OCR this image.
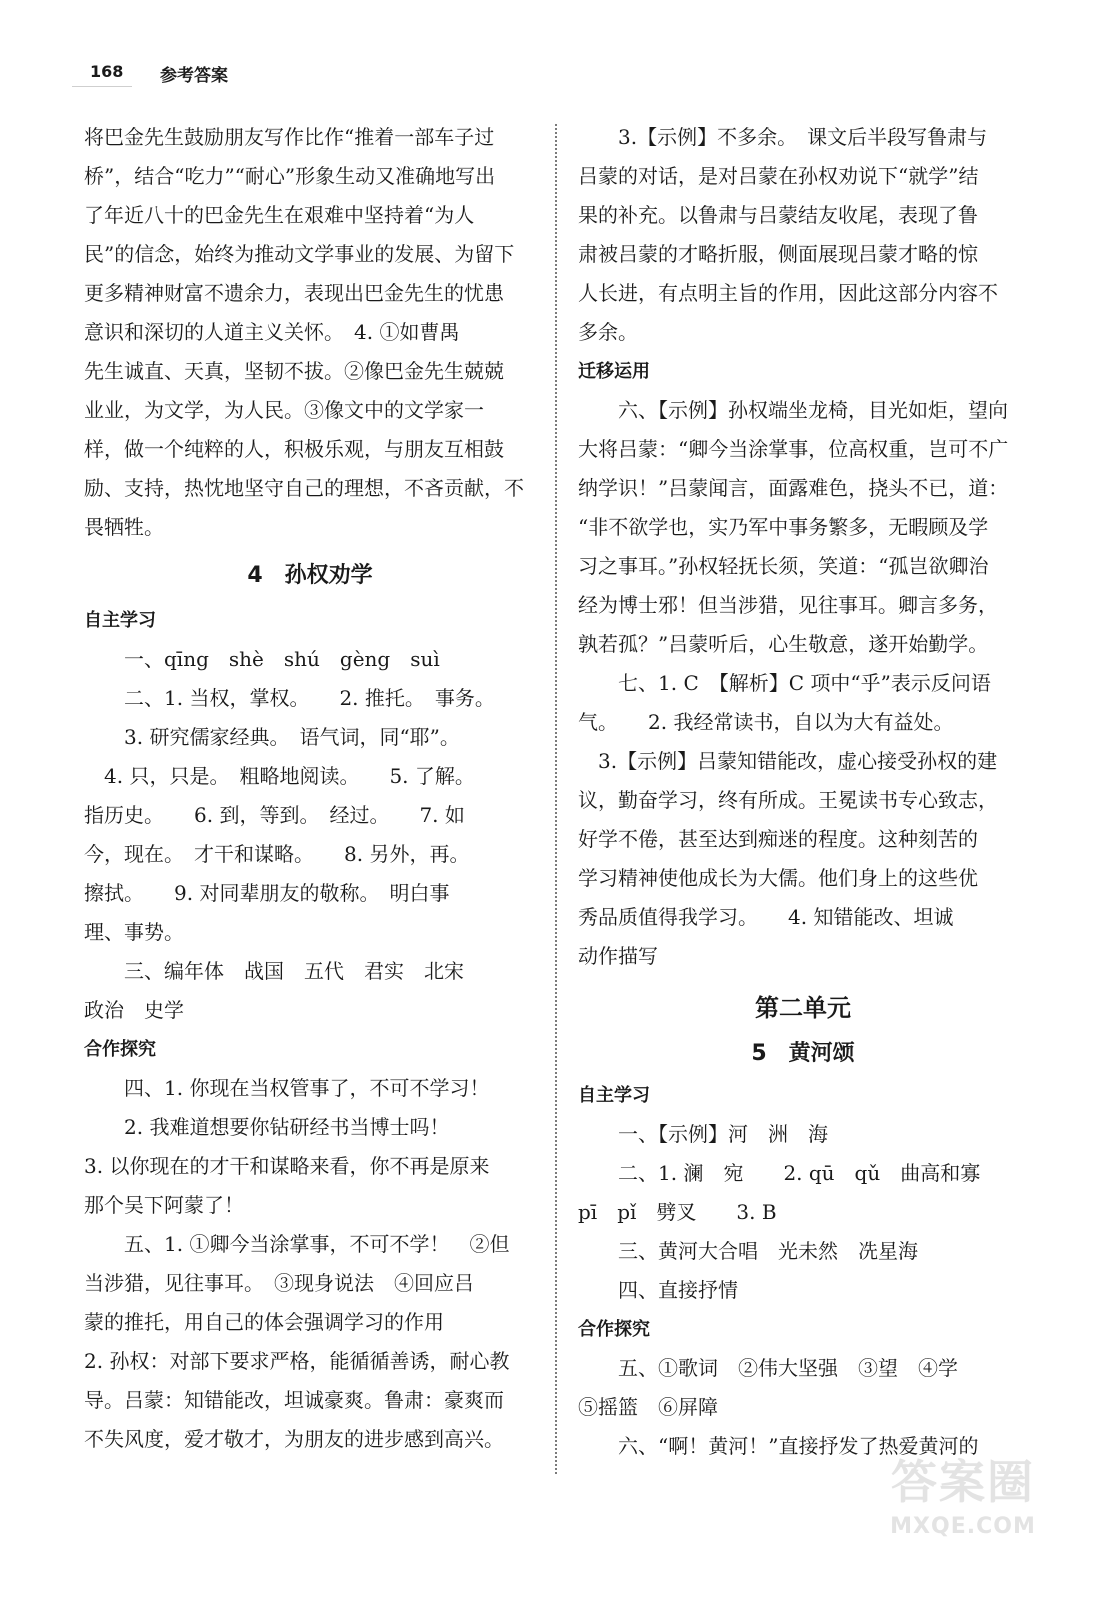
168 参考答案
将巴金先生鼓励朋友写作比作“推着一部车子过
桥”，结合“吃力”“耐心”形象生动又准确地写出
了年近八十的巴金先生在艰难中坚持着“为人
民”的信念，始终为推动文学事业的发展、为留下
更多精神财富不遗余力，表现出巴金先生的忧患
意识和深切的人道主义关怀。　4. ①如曹禺
先生诚直、天真，坚韧不拔。②像巴金先生兢兢
业业，为文学，为人民。③像文中的文学家一
样，做一个纯粹的人，积极乐观，与朋友互相鼓
励、支持，热忱地坚守自己的理想，不吝贡献，不
畏牺牲。
4　孙权劝学
自主学习
一、qīng　shè　shú　gèng　suì
二、1. 当权，掌权。　　2. 推托。　事务。
3. 研究儒家经典。　语气词，同“耶”。
4. 只，只是。　粗略地阅读。　　5. 了解。
指历史。　　6. 到，等到。　经过。　　7. 如
今，现在。　才干和谋略。　　8. 另外，再。
擦拭。　　9. 对同辈朋友的敬称。　明白事
理、事势。
三、编年体　战国　五代　君实　北宋
政治　史学
合作探究
四、1. 你现在当权管事了，不可不学习！
2. 我难道想要你钻研经书当博士吗！
3. 以你现在的才干和谋略来看，你不再是原来
那个吴下阿蒙了！
五、1. ①卿今当涂掌事，不可不学！　②但
当涉猎，见往事耳。　③现身说法　④回应吕
蒙的推托，用自己的体会强调学习的作用
2. 孙权：对部下要求严格，能循循善诱，耐心教
导。吕蒙：知错能改，坦诚豪爽。鲁肃：豪爽而
不失风度，爱才敬才，为朋友的进步感到高兴。
3.【示例】不多余。　课文后半段写鲁肃与
吕蒙的对话，是对吕蒙在孙权劝说下“就学”结
果的补充。以鲁肃与吕蒙结友收尾，表现了鲁
肃被吕蒙的才略折服，侧面展现吕蒙才略的惊
人长进，有点明主旨的作用，因此这部分内容不
多余。
迁移运用
六、【示例】孙权端坐龙椅，目光如炬，望向
大将吕蒙：“卿今当涂掌事，位高权重，岂可不广
纳学识！”吕蒙闻言，面露难色，挠头不已，道：
“非不欲学也，实乃军中事务繁多，无暇顾及学
习之事耳。”孙权轻抚长须，笑道：“孤岂欲卿治
经为博士邪！但当涉猎，见往事耳。卿言多务，
孰若孤？”吕蒙听后，心生敬意，遂开始勤学。
七、1. C　【解析】C 项中“乎”表示反问语
气。　　2. 我经常读书，自以为大有益处。
3.【示例】吕蒙知错能改，虚心接受孙权的建
议，勤奋学习，终有所成。王冕读书专心致志，
好学不倦，甚至达到痴迷的程度。这种刻苦的
学习精神使他成长为大儒。他们身上的这些优
秀品质值得我学习。　　4. 知错能改、坦诚
动作描写
第二单元
5　黄河颂
自主学习
一、【示例】河　洲　海
二、1. 澜　宛　　2. qū　qǔ　曲高和寡
pī　pǐ　劈叉　　3. B
三、黄河大合唱　光未然　冼星海
四、直接抒情
合作探究
五、①歌词　②伟大坚强　③望　④学
⑤摇篮　⑥屏障
六、“啊！黄河！”直接抒发了热爱黄河的
答案圈
MXQE.COM
